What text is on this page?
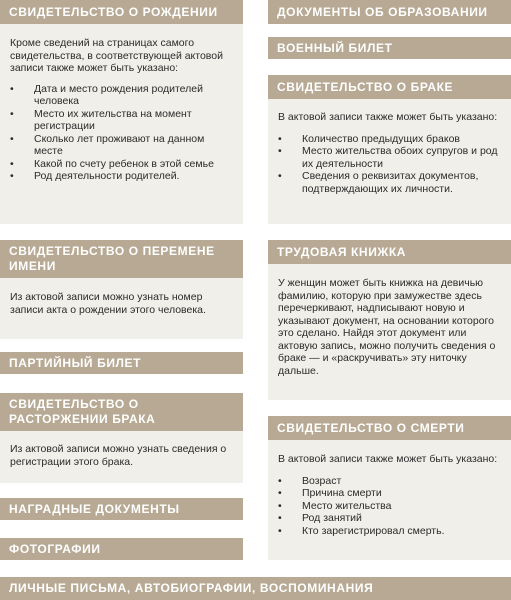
СВИДЕТЕЛЬСТВО О РОЖДЕНИИ

Кроме сведений на страницах самого свидетельства, в соответствующей актовой записи также может быть указано:

• Дата и место рождения родителей человека
• Место их жительства на момент регистрации
• Сколько лет проживают на данном месте
• Какой по счету ребенок в этой семье
• Род деятельности родителей.
СВИДЕТЕЛЬСТВО О ПЕРЕМЕНЕ ИМЕНИ

Из актовой записи можно узнать номер записи акта о рождении этого человека.

ПАРТИЙНЫЙ БИЛЕТ
СВИДЕТЕЛЬСТВО О РАСТОРЖЕНИИ БРАКА

Из актовой записи можно узнать сведения о регистрации этого брака.

НАГРАДНЫЕ ДОКУМЕНТЫ
ФОТОГРАФИИ
ДОКУМЕНТЫ ОБ ОБРАЗОВАНИИ
ВОЕННЫЙ БИЛЕТ
СВИДЕТЕЛЬСТВО О БРАКЕ

В актовой записи также может быть указано:

• Количество предыдущих браков
• Место жительства обоих супругов и род их деятельности
• Сведения о реквизитах документов, подтверждающих их личности.
ТРУДОВАЯ КНИЖКА

У женщин может быть книжка на девичью фамилию, которую при замужестве здесь перечеркивают, надписывают новую и указывают документ, на основании которого это сделано. Найдя этот документ или актовую запись, можно получить сведения о браке — и «раскручивать» эту ниточку дальше.

СВИДЕТЕЛЬСТВО О СМЕРТИ

В актовой записи также может быть указано:

• Возраст
• Причина смерти
• Место жительства
• Род занятий
• Кто зарегистрировал смерть.
ЛИЧНЫЕ ПИСЬМА, АВТОБИОГРАФИИ, ВОСПОМИНАНИЯ
